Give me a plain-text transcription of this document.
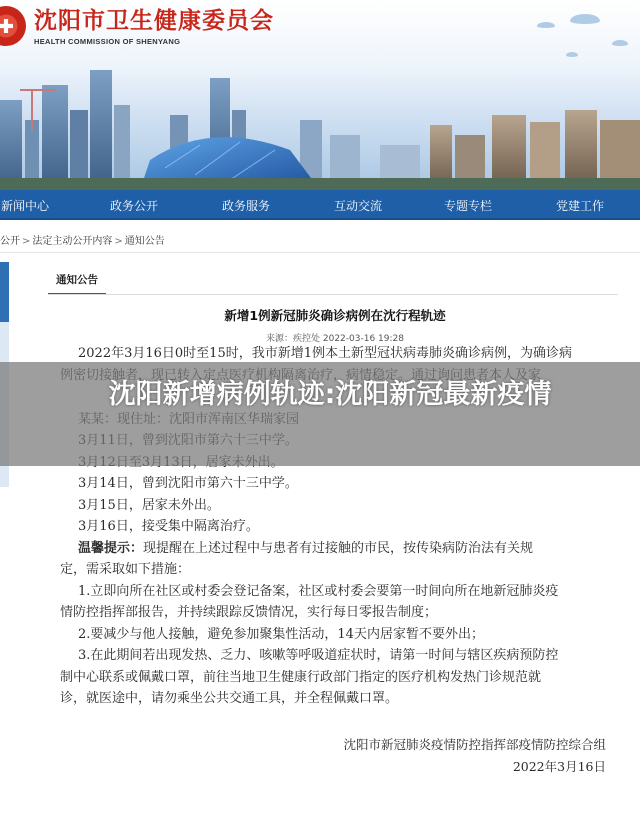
沈阳市卫生健康委员会
HEALTH COMMISSION OF SHENYANG
新闻中心	政务公开	政务服务	互动交流	专题专栏	党建工作
公开 > 法定主动公开内容 > 通知公告
通知公告
新增1例新冠肺炎确诊病例在沈行程轨迹
来源：疾控处 2022-03-16 19:28
2022年3月16日0时至15时，我市新增1例本土新型冠状病毒肺炎确诊病例，为确诊病
3月14日，曾到沈阳市第六十三中学。
3月15日，居家未外出。
3月16日，接受集中隔离治疗。
温馨提示：现提醒在上述过程中与患者有过接触的市民，按传染病防治法有关规
定，需采取如下措施：
1.立即向所在社区或村委会登记备案，社区或村委会要第一时间向所在地新冠肺炎疫
情防控指挥部报告，并持续跟踪反馈情况，实行每日零报告制度；
2.要减少与他人接触，避免参加聚集性活动，14天内居家暂不要外出；
3.在此期间若出现发热、乏力、咳嗽等呼吸道症状时，请第一时间与辖区疾病预防控
制中心联系或佩戴口罩，前往当地卫生健康行政部门指定的医疗机构发热门诊规范就
诊，就医途中，请勿乘坐公共交通工具，并全程佩戴口罩。
沈阳市新冠肺炎疫情防控指挥部疫情防控综合组
2022年3月16日
沈阳新增病例轨迹:沈阳新冠最新疫情
